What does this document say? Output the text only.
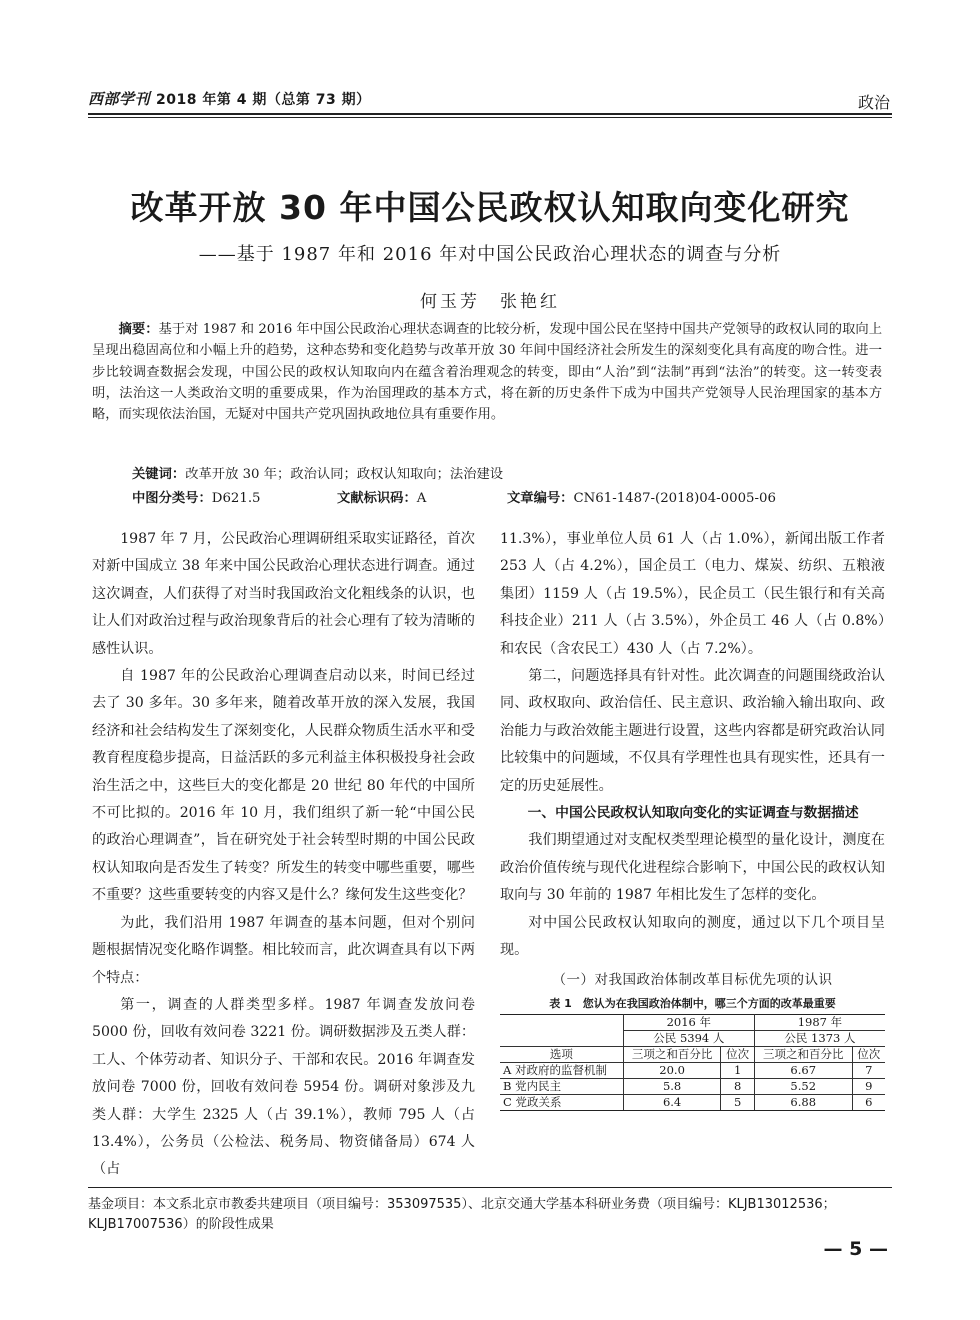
西部学刊 2018 年第 4 期（总第 73 期）	政治
改革开放 30 年中国公民政权认知取向变化研究
——基于 1987 年和 2016 年对中国公民政治心理状态的调查与分析
何玉芳　张艳红
摘要：基于对 1987 和 2016 年中国公民政治心理状态调查的比较分析，发现中国公民在坚持中国共产党领导的政权认同的取向上呈现出稳固高位和小幅上升的趋势，这种态势和变化趋势与改革开放 30 年间中国经济社会所发生的深刻变化具有高度的吻合性。进一步比较调查数据会发现，中国公民的政权认知取向内在蕴含着治理观念的转变，即由“人治”到“法制”再到“法治”的转变。这一转变表明，法治这一人类政治文明的重要成果，作为治国理政的基本方式，将在新的历史条件下成为中国共产党领导人民治理国家的基本方略，而实现依法治国，无疑对中国共产党巩固执政地位具有重要作用。
关键词：改革开放 30 年；政治认同；政权认知取向；法治建设
中图分类号：D621.5	文献标识码：A	文章编号：CN61-1487-(2018)04-0005-06

1987 年 7 月，公民政治心理调研组采取实证路径，首次对新中国成立 38 年来中国公民政治心理状态进行调查。通过这次调查，人们获得了对当时我国政治文化粗线条的认识，也让人们对政治过程与政治现象背后的社会心理有了较为清晰的感性认识。

自 1987 年的公民政治心理调查启动以来，时间已经过去了 30 多年。30 多年来，随着改革开放的深入发展，我国经济和社会结构发生了深刻变化，人民群众物质生活水平和受教育程度稳步提高，日益活跃的多元利益主体积极投身社会政治生活之中，这些巨大的变化都是 20 世纪 80 年代的中国所不可比拟的。2016 年 10 月，我们组织了新一轮“中国公民的政治心理调查”，旨在研究处于社会转型时期的中国公民政权认知取向是否发生了转变？所发生的转变中哪些重要，哪些不重要？这些重要转变的内容又是什么？缘何发生这些变化？

为此，我们沿用 1987 年调查的基本问题，但对个别问题根据情况变化略作调整。相比较而言，此次调查具有以下两个特点：

第一，调查的人群类型多样。1987 年调查发放问卷 5000 份，回收有效问卷 3221 份。调研数据涉及五类人群：工人、个体劳动者、知识分子、干部和农民。2016 年调查发放问卷 7000 份，回收有效问卷 5954 份。调研对象涉及九类人群：大学生 2325 人（占 39.1%），教师 795 人（占 13.4%），公务员（公检法、税务局、物资储备局）674 人（占

11.3%），事业单位人员 61 人（占 1.0%），新闻出版工作者 253 人（占 4.2%），国企员工（电力、煤炭、纺织、五粮液集团）1159 人（占 19.5%），民企员工（民生银行和有关高科技企业）211 人（占 3.5%），外企员工 46 人（占 0.8%）和农民（含农民工）430 人（占 7.2%）。

第二，问题选择具有针对性。此次调查的问题围绕政治认同、政权取向、政治信任、民主意识、政治输入输出取向、政治能力与政治效能主题进行设置，这些内容都是研究政治认同比较集中的问题域，不仅具有学理性也具有现实性，还具有一定的历史延展性。

一、中国公民政权认知取向变化的实证调查与数据描述

我们期望通过对支配权类型理论模型的量化设计，测度在政治价值传统与现代化进程综合影响下，中国公民的政权认知取向与 30 年前的 1987 年相比发生了怎样的变化。

对中国公民政权认知取向的测度，通过以下几个项目呈现。

（一）对我国政治体制改革目标优先项的认识
表 1　您认为在我国政治体制中，哪三个方面的改革最重要
	2016 年		1987 年	
	公民 5394 人		公民 1373 人	
选项	三项之和百分比	位次	三项之和百分比	位次
A 对政府的监督机制	20.0	1	6.67	7
B 党内民主	5.8	8	5.52	9
C 党政关系	6.4	5	6.88	6
基金项目：本文系北京市教委共建项目（项目编号：353097535）、北京交通大学基本科研业务费（项目编号：KLJB13012536；KLJB17007536）的阶段性成果
— 5 —
